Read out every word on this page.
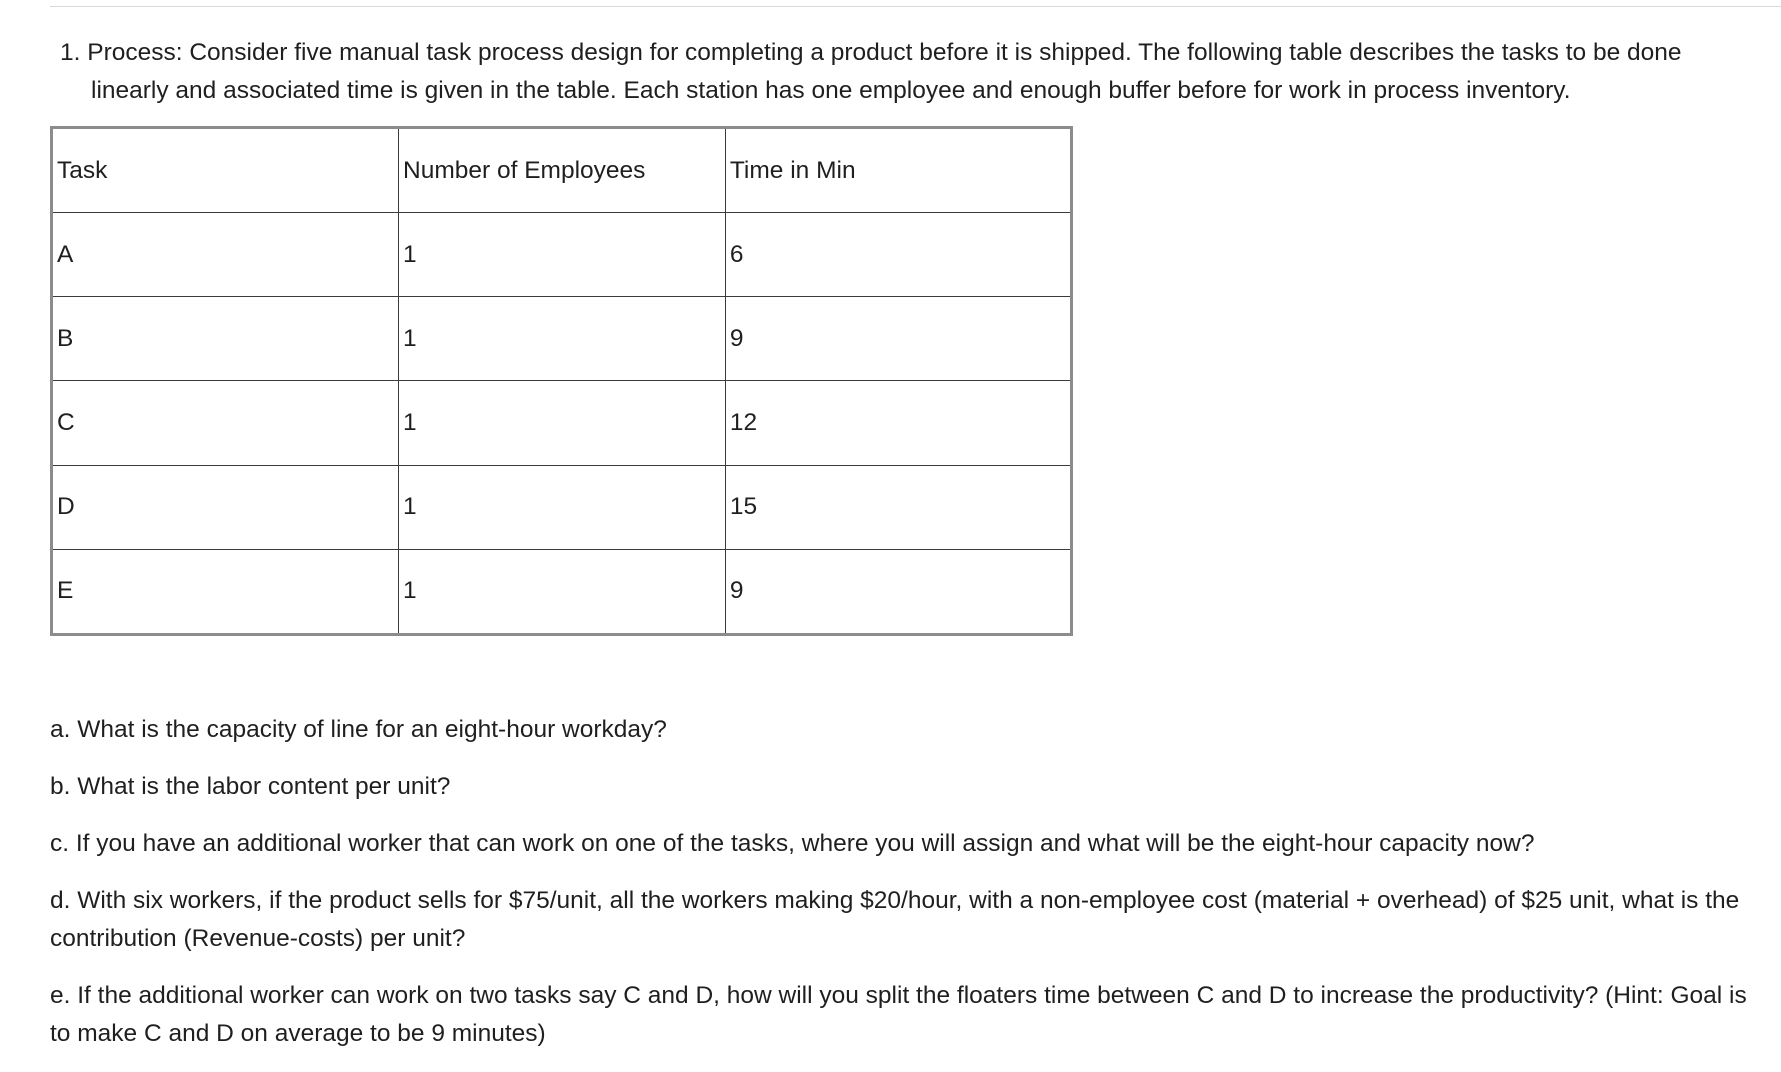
1. Process: Consider five manual task process design for completing a product before it is shipped. The following table describes the tasks to be done linearly and associated time is given in the table. Each station has one employee and enough buffer before for work in process inventory.
Task	Number of Employees	Time in Min
A	1	6
B	1	9
C	1	12
D	1	15
E	1	9

a. What is the capacity of line for an eight-hour workday?

b. What is the labor content per unit?

c. If you have an additional worker that can work on one of the tasks, where you will assign and what will be the eight-hour capacity now?

d. With six workers, if the product sells for $75/unit, all the workers making $20/hour, with a non-employee cost (material + overhead) of $25 unit, what is the contribution (Revenue-costs) per unit?

e. If the additional worker can work on two tasks say C and D, how will you split the floaters time between C and D to increase the productivity? (Hint: Goal is to make C and D on average to be 9 minutes)
